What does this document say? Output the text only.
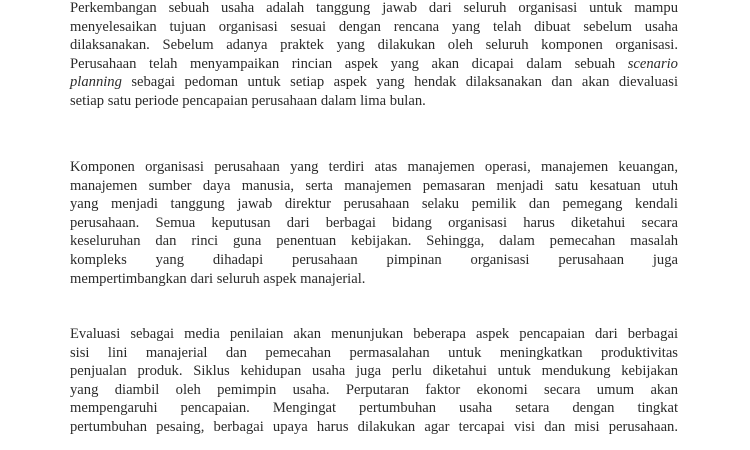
Perkembangan sebuah usaha adalah tanggung jawab dari seluruh organisasi untuk mampu
menyelesaikan tujuan organisasi sesuai dengan rencana yang telah dibuat sebelum usaha
dilaksanakan. Sebelum adanya praktek yang dilakukan oleh seluruh komponen organisasi.
Perusahaan telah menyampaikan rincian aspek yang akan dicapai dalam sebuah scenario
planning sebagai pedoman untuk setiap aspek yang hendak dilaksanakan dan akan dievaluasi
setiap satu periode pencapaian perusahaan dalam lima bulan.
Komponen organisasi perusahaan yang terdiri atas manajemen operasi, manajemen keuangan,
manajemen sumber daya manusia, serta manajemen pemasaran menjadi satu kesatuan utuh
yang menjadi tanggung jawab direktur perusahaan selaku pemilik dan pemegang kendali
perusahaan. Semua keputusan dari berbagai bidang organisasi harus diketahui secara
keseluruhan dan rinci guna penentuan kebijakan. Sehingga, dalam pemecahan masalah
kompleks yang dihadapi perusahaan pimpinan organisasi perusahaan juga
mempertimbangkan dari seluruh aspek manajerial.
Evaluasi sebagai media penilaian akan menunjukan beberapa aspek pencapaian dari berbagai
sisi lini manajerial dan pemecahan permasalahan untuk meningkatkan produktivitas
penjualan produk. Siklus kehidupan usaha juga perlu diketahui untuk mendukung kebijakan
yang diambil oleh pemimpin usaha. Perputaran faktor ekonomi secara umum akan
mempengaruhi pencapaian. Mengingat pertumbuhan usaha setara dengan tingkat
pertumbuhan pesaing, berbagai upaya harus dilakukan agar tercapai visi dan misi perusahaan.
